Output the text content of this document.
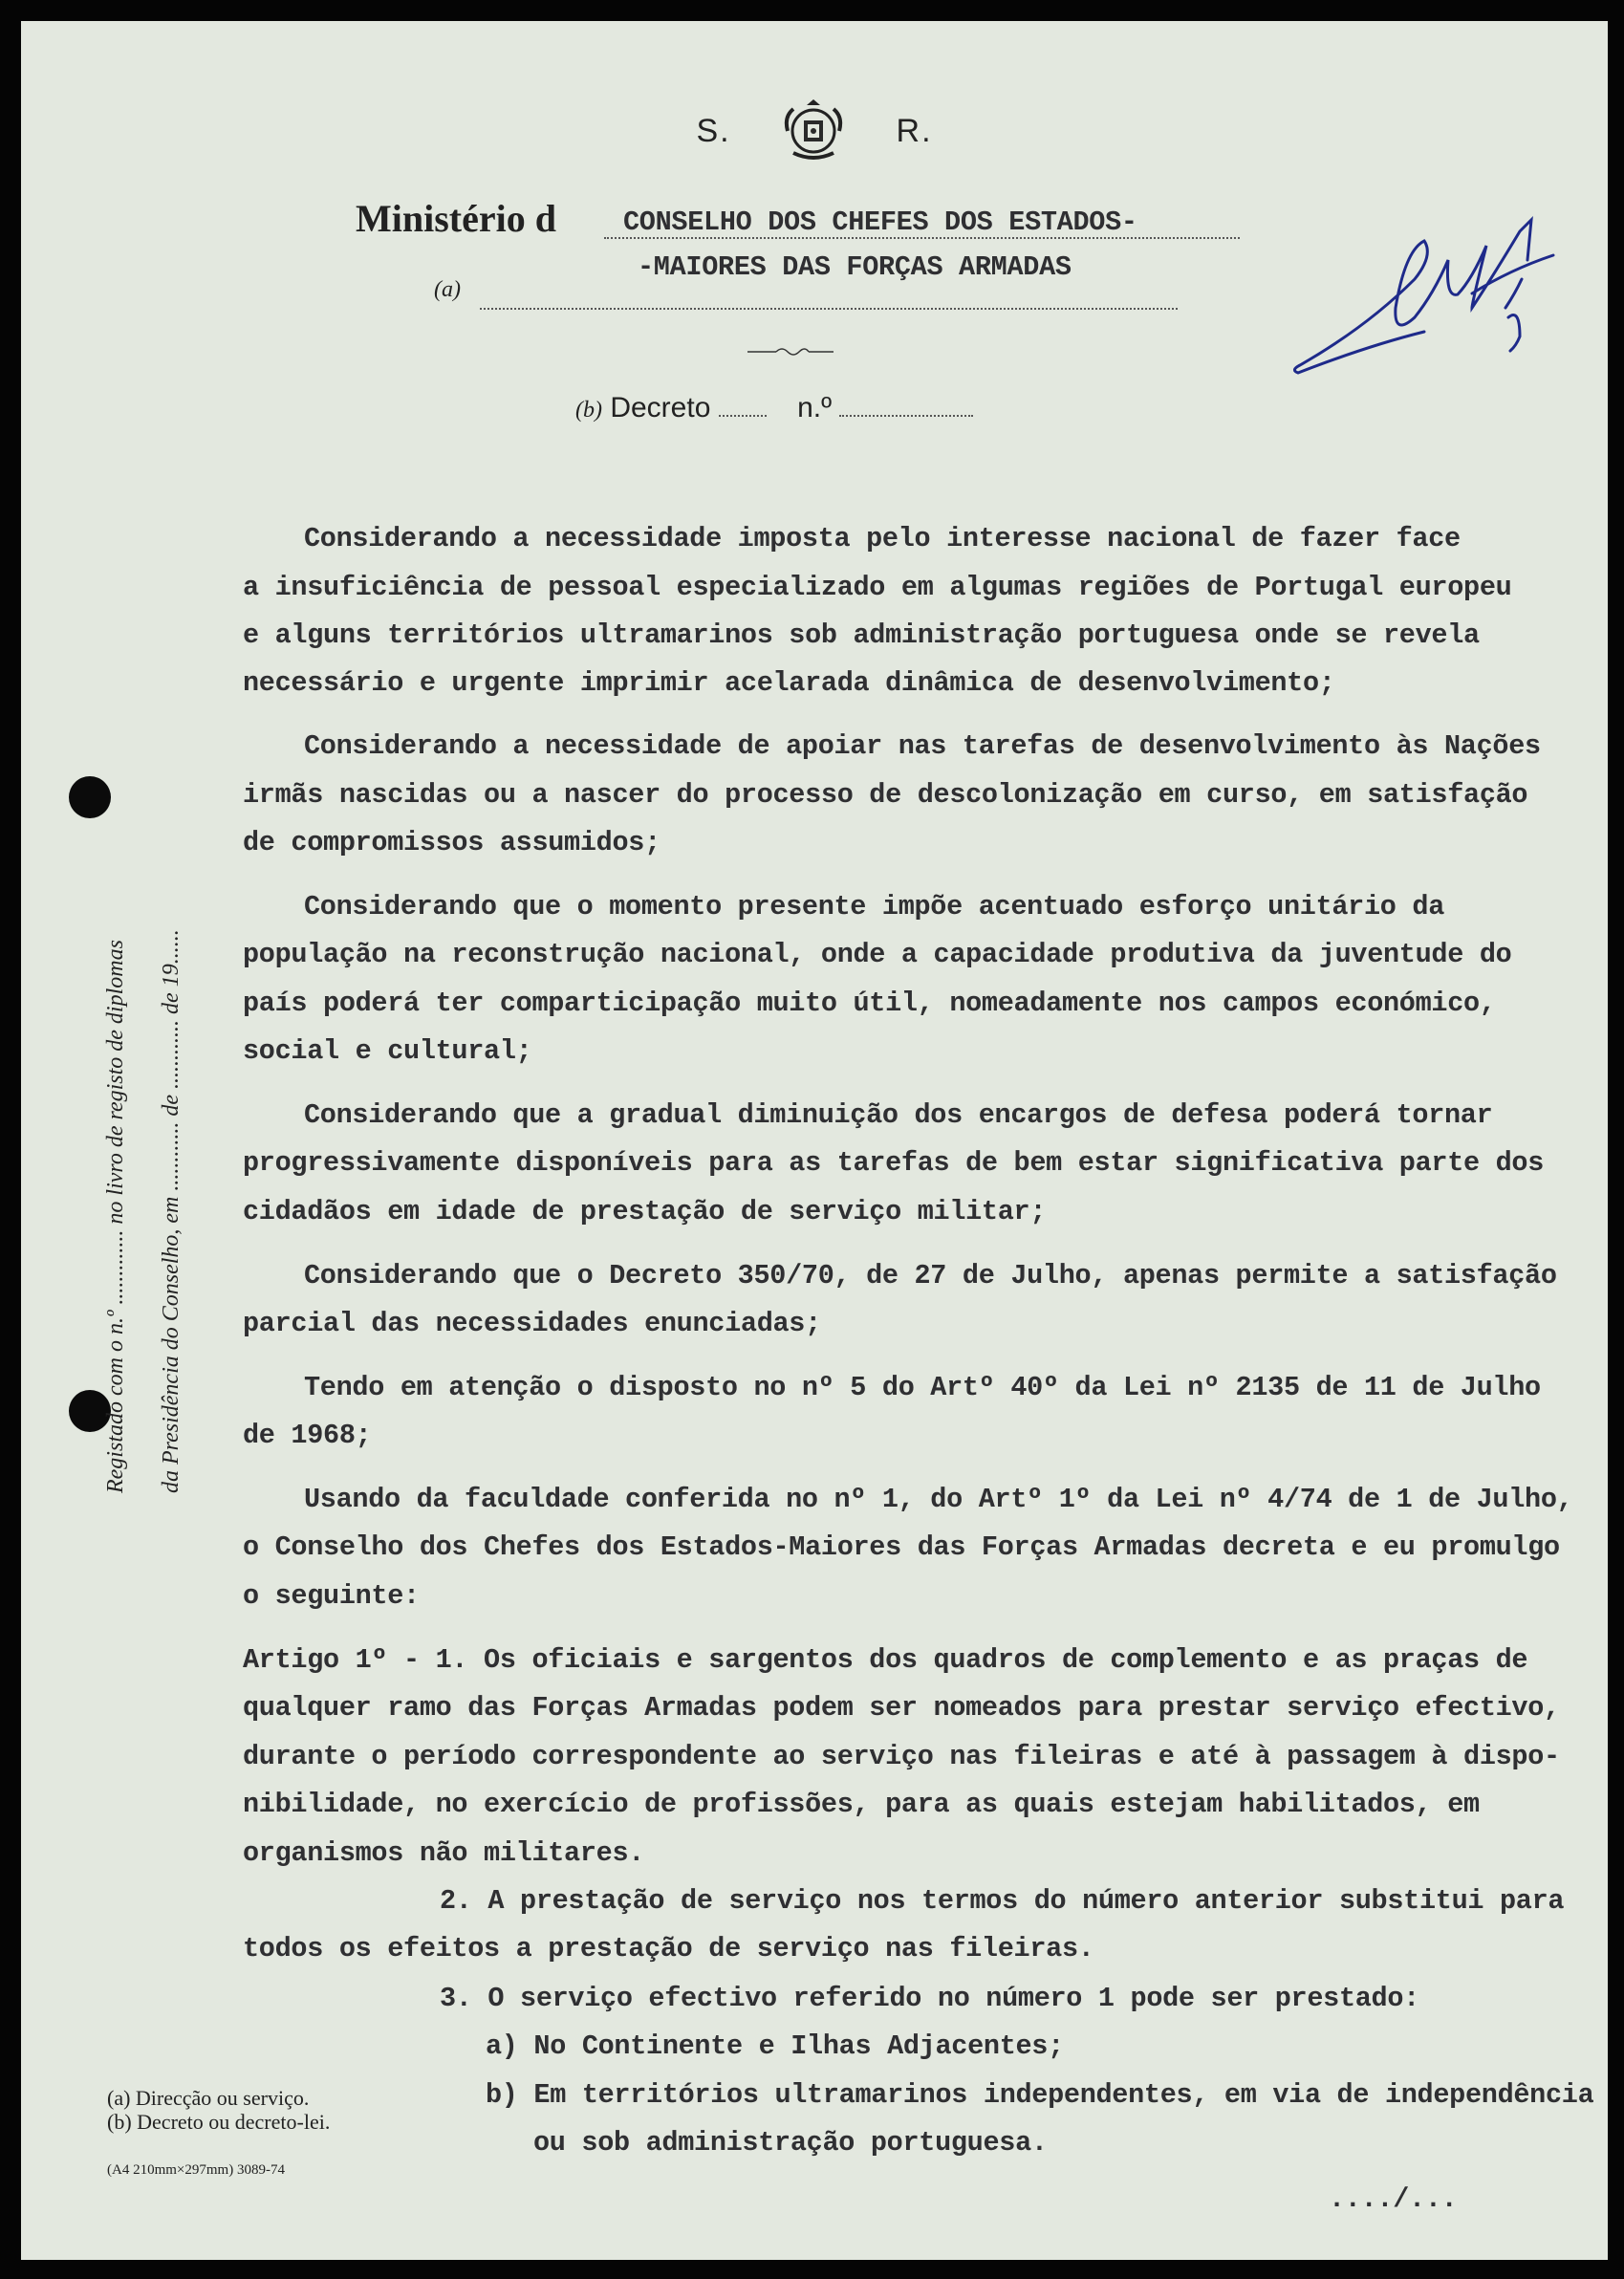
S.	R.
Ministério d CONSELHO DOS CHEFES DOS ESTADOS-
(a)
-MAIORES DAS FORÇAS ARMADAS
(b) Decreto	n.º
Registado com o n.º ............. no livro de registo de diplomas	da Presidência do Conselho, em ............ de ............ de 19......
Considerando a necessidade imposta pelo interesse nacional de fazer face
a insuficiência de pessoal especializado em algumas regiões de Portugal europeu
e alguns territórios ultramarinos sob administração portuguesa onde se revela
necessário e urgente imprimir acelarada dinâmica de desenvolvimento;
Considerando a necessidade de apoiar nas tarefas de desenvolvimento às Nações
irmãs nascidas ou a nascer do processo de descolonização em curso, em satisfação
de compromissos assumidos;
Considerando que o momento presente impõe acentuado esforço unitário da
população na reconstrução nacional, onde a capacidade produtiva da juventude do
país poderá ter comparticipação muito útil, nomeadamente nos campos económico,
social e cultural;
Considerando que a gradual diminuição dos encargos de defesa poderá tornar
progressivamente disponíveis para as tarefas de bem estar significativa parte dos
cidadãos em idade de prestação de serviço militar;
Considerando que o Decreto 350/70, de 27 de Julho, apenas permite a satisfação
parcial das necessidades enunciadas;
Tendo em atenção o disposto no nº 5 do Artº 40º da Lei nº 2135 de 11 de Julho
de 1968;
Usando da faculdade conferida no nº 1, do Artº 1º da Lei nº 4/74 de 1 de Julho,
o Conselho dos Chefes dos Estados-Maiores das Forças Armadas decreta e eu promulgo
o seguinte:
Artigo 1º - 1. Os oficiais e sargentos dos quadros de complemento e as praças de
qualquer ramo das Forças Armadas podem ser nomeados para prestar serviço efectivo,
durante o período correspondente ao serviço nas fileiras e até à passagem à dispo-
nibilidade, no exercício de profissões, para as quais estejam habilitados, em
organismos não militares.
2. A prestação de serviço nos termos do número anterior substitui para
todos os efeitos a prestação de serviço nas fileiras.
3. O serviço efectivo referido no número 1 pode ser prestado:
a) No Continente e Ilhas Adjacentes;
b) Em territórios ultramarinos independentes, em via de independência
ou sob administração portuguesa.
(a) Direcção ou serviço.
(b) Decreto ou decreto-lei.
(A4 210mm×297mm) 3089-74
..../...
